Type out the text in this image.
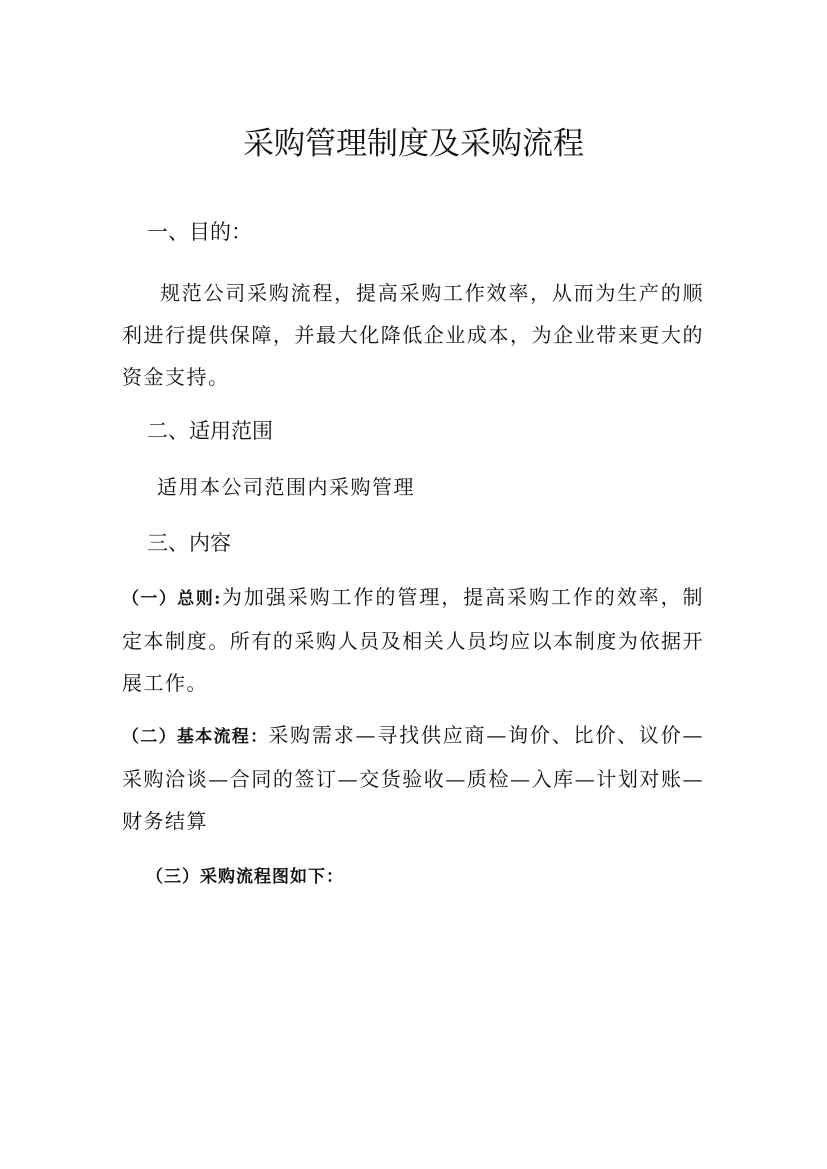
采购管理制度及采购流程
一、目的：
规范公司采购流程，提高采购工作效率，从而为生产的顺利进行提供保障，并最大化降低企业成本，为企业带来更大的资金支持。
二、适用范围
适用本公司范围内采购管理
三、内容
（一）总则:为加强采购工作的管理，提高采购工作的效率，制定本制度。所有的采购人员及相关人员均应以本制度为依据开展工作。
（二）基本流程：采购需求—寻找供应商—询价、比价、议价—采购洽谈—合同的签订—交货验收—质检—入库—计划对账—财务结算
（三）采购流程图如下：
